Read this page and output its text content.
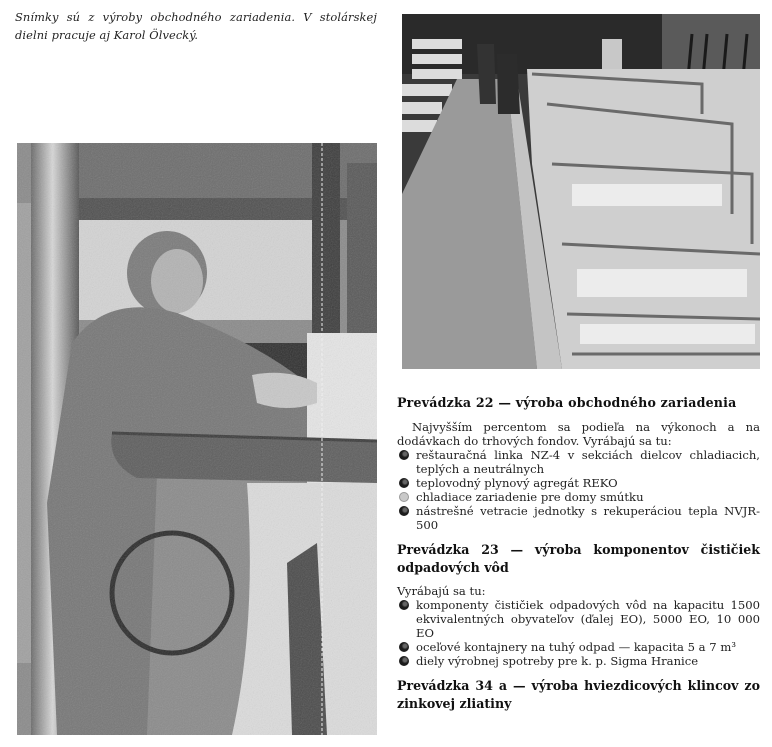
Snímky sú z výroby obchodného zariadenia. V stolárskej dielni pracuje aj Karol Ölvecký.
Prevádzka 22 — výroba obchodného zariadenia

Najvyšším percentom sa podieľa na výkonoch a na dodávkach do trhových fondov. Vyrábajú sa tu:

reštauračná linka NZ-4 v sekciách dielcov chladiacich, teplých a neutrálnych
teplovodný plynový agregát REKO
chladiace zariadenie pre domy smútku
nástrešné vetracie jednotky s rekuperáciou tepla NVJR-500
Prevádzka 23 — výroba komponentov čističiek odpadových vôd

Vyrábajú sa tu:

komponenty čističiek odpadových vôd na kapacitu 1500 ekvivalentných obyvateľov (ďalej EO), 5000 EO, 10 000 EO
oceľové kontajnery na tuhý odpad — kapacita 5 a 7 m³
diely výrobnej spotreby pre k. p. Sigma Hranice
Prevádzka 34 a — výroba hviezdicových klincov zo zinkovej zliatiny
